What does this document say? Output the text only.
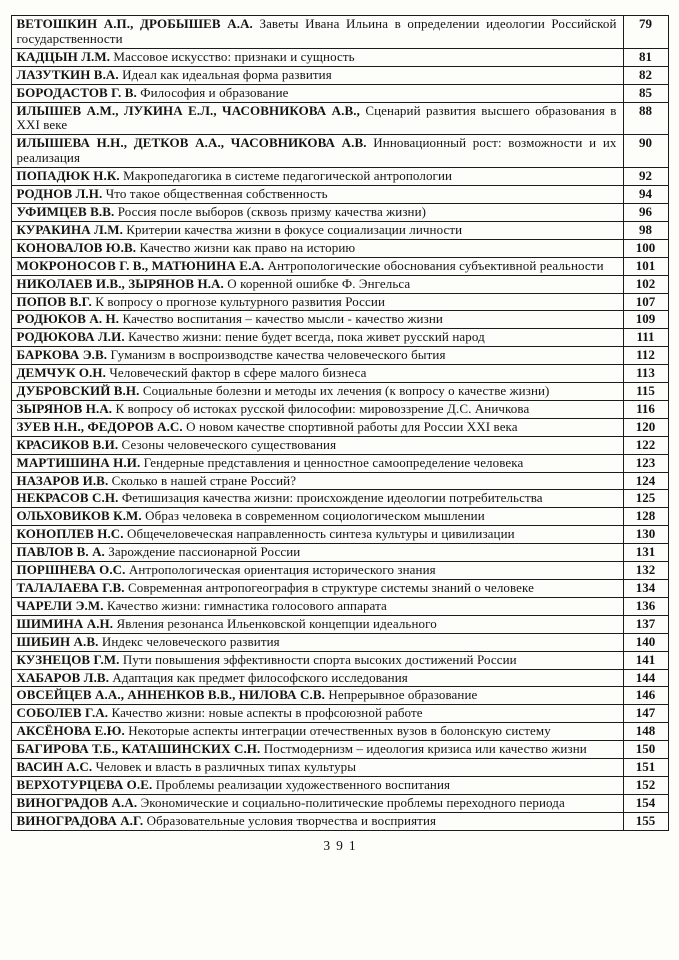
ВЕТОШКИН А.П., ДРОБЫШЕВ А.А. Заветы Ивана Ильина в определении идеологии Российской государственности	79
КАДЦЫН Л.М. Массовое искусство: признаки и сущность	81
ЛАЗУТКИН В.А. Идеал как идеальная форма развития	82
БОРОДАСТОВ Г. В. Философия и образование	85
ИЛЫШЕВ А.М., ЛУКИНА Е.Л., ЧАСОВНИКОВА А.В., Сценарий развития высшего образования в XXI веке	88
ИЛЫШЕВА Н.Н., ДЕТКОВ А.А., ЧАСОВНИКОВА А.В. Инновационный рост: возможности и их реализация	90
ПОПАДЮК Н.К. Макропедагогика в системе педагогической антропологии	92
РОДНОВ Л.Н. Что такое общественная собственность	94
УФИМЦЕВ В.В. Россия после выборов (сквозь призму качества жизни)	96
КУРАКИНА Л.М. Критерии качества жизни в фокусе социализации личности	98
КОНОВАЛОВ Ю.В. Качество жизни как право на историю	100
МОКРОНОСОВ Г. В., МАТЮНИНА Е.А. Антропологические обоснования субъективной реальности	101
НИКОЛАЕВ И.В., ЗЫРЯНОВ Н.А. О коренной ошибке Ф. Энгельса	102
ПОПОВ В.Г. К вопросу о прогнозе культурного развития России	107
РОДЮКОВ А. Н. Качество воспитания – качество мысли - качество жизни	109
РОДЮКОВА Л.И. Качество жизни: пение будет всегда, пока живет русский народ	111
БАРКОВА Э.В. Гуманизм в воспроизводстве качества человеческого бытия	112
ДЕМЧУК О.Н. Человеческий фактор в сфере малого бизнеса	113
ДУБРОВСКИЙ В.Н. Социальные болезни и методы их лечения (к вопросу о качестве жизни)	115
ЗЫРЯНОВ Н.А. К вопросу об истоках русской философии: мировоззрение Д.С. Аничкова	116
ЗУЕВ Н.Н., ФЕДОРОВ А.С. О новом качестве спортивной работы для России XXI века	120
КРАСИКОВ В.И. Сезоны человеческого существования	122
МАРТИШИНА Н.И. Гендерные представления и ценностное самоопределение человека	123
НАЗАРОВ И.В. Сколько в нашей стране Россий?	124
НЕКРАСОВ С.Н. Фетишизация качества жизни: происхождение идеологии потребительства	125
ОЛЬХОВИКОВ К.М. Образ человека в современном социологическом мышлении	128
КОНОПЛЕВ Н.С. Общечеловеческая направленность синтеза культуры и цивилизации	130
ПАВЛОВ В. А. Зарождение пассионарной России	131
ПОРШНЕВА О.С. Антропологическая ориентация исторического знания	132
ТАЛАЛАЕВА Г.В. Современная антропогеография в структуре системы знаний о человеке	134
ЧАРЕЛИ Э.М. Качество жизни: гимнастика голосового аппарата	136
ШИМИНА А.Н. Явления резонанса Ильенковской концепции идеального	137
ШИБИН А.В. Индекс человеческого развития	140
КУЗНЕЦОВ Г.М. Пути повышения эффективности спорта высоких достижений России	141
ХАБАРОВ Л.В. Адаптация как предмет философского исследования	144
ОВСЕЙЦЕВ А.А., АННЕНКОВ В.В., НИЛОВА С.В. Непрерывное образование	146
СОБОЛЕВ Г.А. Качество жизни: новые аспекты в профсоюзной работе	147
АКСЁНОВА Е.Ю. Некоторые аспекты интеграции отечественных вузов в болонскую систему	148
БАГИРОВА Т.Б., КАТАШИНСКИХ С.Н. Постмодернизм – идеология кризиса или качество жизни	150
ВАСИН А.С. Человек и власть в различных типах культуры	151
ВЕРХОТУРЦЕВА О.Е. Проблемы реализации художественного воспитания	152
ВИНОГРАДОВ А.А. Экономические и социально-политические проблемы переходного периода	154
ВИНОГРАДОВА А.Г. Образовательные условия творчества и восприятия	155
391
